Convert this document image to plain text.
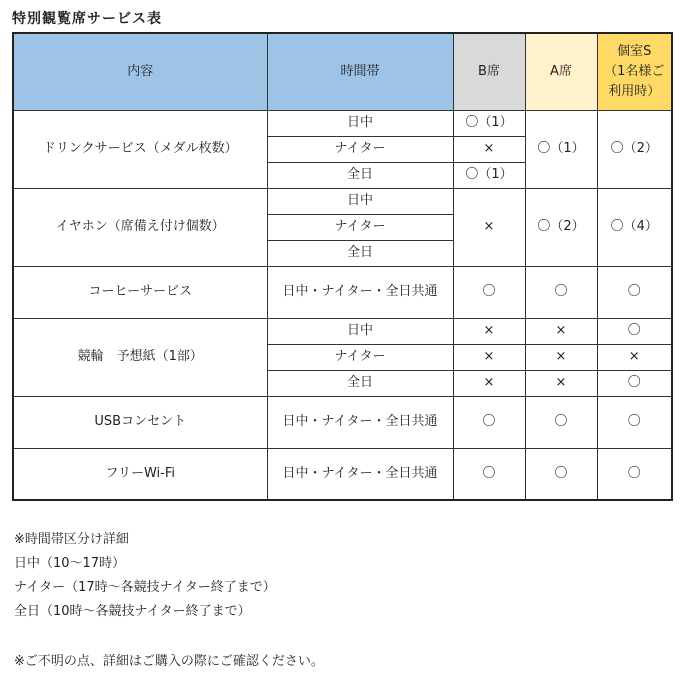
特別観覧席サービス表
内容	時間帯	B席	A席	個室S
（1名様ご
利用時）
ドリンクサービス（メダル枚数）	日中	〇（1）	〇（1）	〇（2）
	ナイター	×		
	全日	〇（1）		
イヤホン（席備え付け個数）	日中	×	〇（2）	〇（4）
	ナイター			
	全日			
コーヒーサービス	日中・ナイター・全日共通	〇	〇	〇
競輪　予想紙（1部）	日中	×	×	〇
	ナイター	×	×	×
	全日	×	×	〇
USBコンセント	日中・ナイター・全日共通	〇	〇	〇
フリーWi-Fi	日中・ナイター・全日共通	〇	〇	〇
※時間帯区分け詳細
日中（10～17時）
ナイター（17時～各競技ナイター終了まで）
全日（10時～各競技ナイター終了まで）
※ご不明の点、詳細はご購入の際にご確認ください。
